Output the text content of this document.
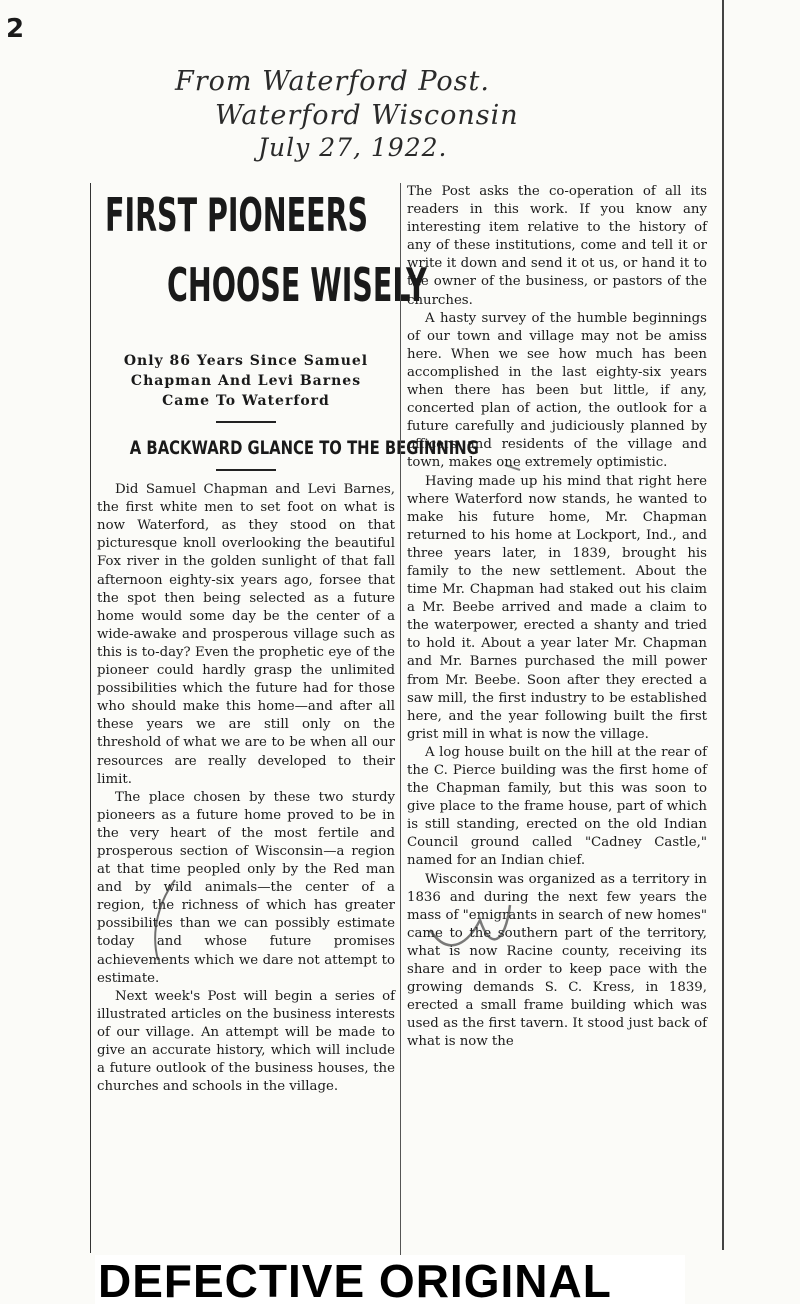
2
From Waterford Post.
Waterford Wisconsin
July 27, 1922.
FIRST PIONEERS
CHOOSE WISELY
Only 86 Years Since Samuel
Chapman And Levi Barnes
Came To Waterford
A BACKWARD GLANCE TO THE BEGINNING

Did Samuel Chapman and Levi Barnes, the first white men to set foot on what is now Waterford, as they stood on that picturesque knoll overlooking the beautiful Fox river in the golden sunlight of that fall afternoon eighty-six years ago, forsee that the spot then being selected as a future home would some day be the center of a wide-awake and prosperous village such as this is to-day? Even the prophetic eye of the pioneer could hardly grasp the unlimited possibilities which the future had for those who should make this home—and after all these years we are still only on the threshold of what we are to be when all our resources are really developed to their limit.

The place chosen by these two sturdy pioneers as a future home proved to be in the very heart of the most fertile and prosperous section of Wisconsin—a region at that time peopled only by the Red man and by wild animals—the center of a region, the richness of which has greater possibilites than we can possibly estimate today and whose future promises achievements which we dare not attempt to estimate.

Next week's Post will begin a series of illustrated articles on the business interests of our village. An attempt will be made to give an accurate history, which will include a future outlook of the business houses, the churches and schools in the village.

The Post asks the co-operation of all its readers in this work. If you know any interesting item relative to the history of any of these institutions, come and tell it or write it down and send it ot us, or hand it to the owner of the business, or pastors of the churches.

A hasty survey of the humble beginnings of our town and village may not be amiss here. When we see how much has been accomplished in the last eighty-six years when there has been but little, if any, concerted plan of action, the outlook for a future carefully and judiciously planned by officers and residents of the village and town, makes one extremely optimistic.

Having made up his mind that right here where Waterford now stands, he wanted to make his future home, Mr. Chapman returned to his home at Lockport, Ind., and three years later, in 1839, brought his family to the new settlement. About the time Mr. Chapman had staked out his claim a Mr. Beebe arrived and made a claim to the waterpower, erected a shanty and tried to hold it. About a year later Mr. Chapman and Mr. Barnes purchased the mill power from Mr. Beebe. Soon after they erected a saw mill, the first industry to be established here, and the year following built the first grist mill in what is now the village.

A log house built on the hill at the rear of the C. Pierce building was the first home of the Chapman family, but this was soon to give place to the frame house, part of which is still standing, erected on the old Indian Council ground called "Cadney Castle," named for an Indian chief.

Wisconsin was organized as a territory in 1836 and during the next few years the mass of "emigrants in search of new homes" came to the southern part of the territory, what is now Racine county, receiving its share and in order to keep pace with the growing demands S. C. Kress, in 1839, erected a small frame building which was used as the first tavern. It stood just back of what is now the

DEFECTIVE ORIGINAL
